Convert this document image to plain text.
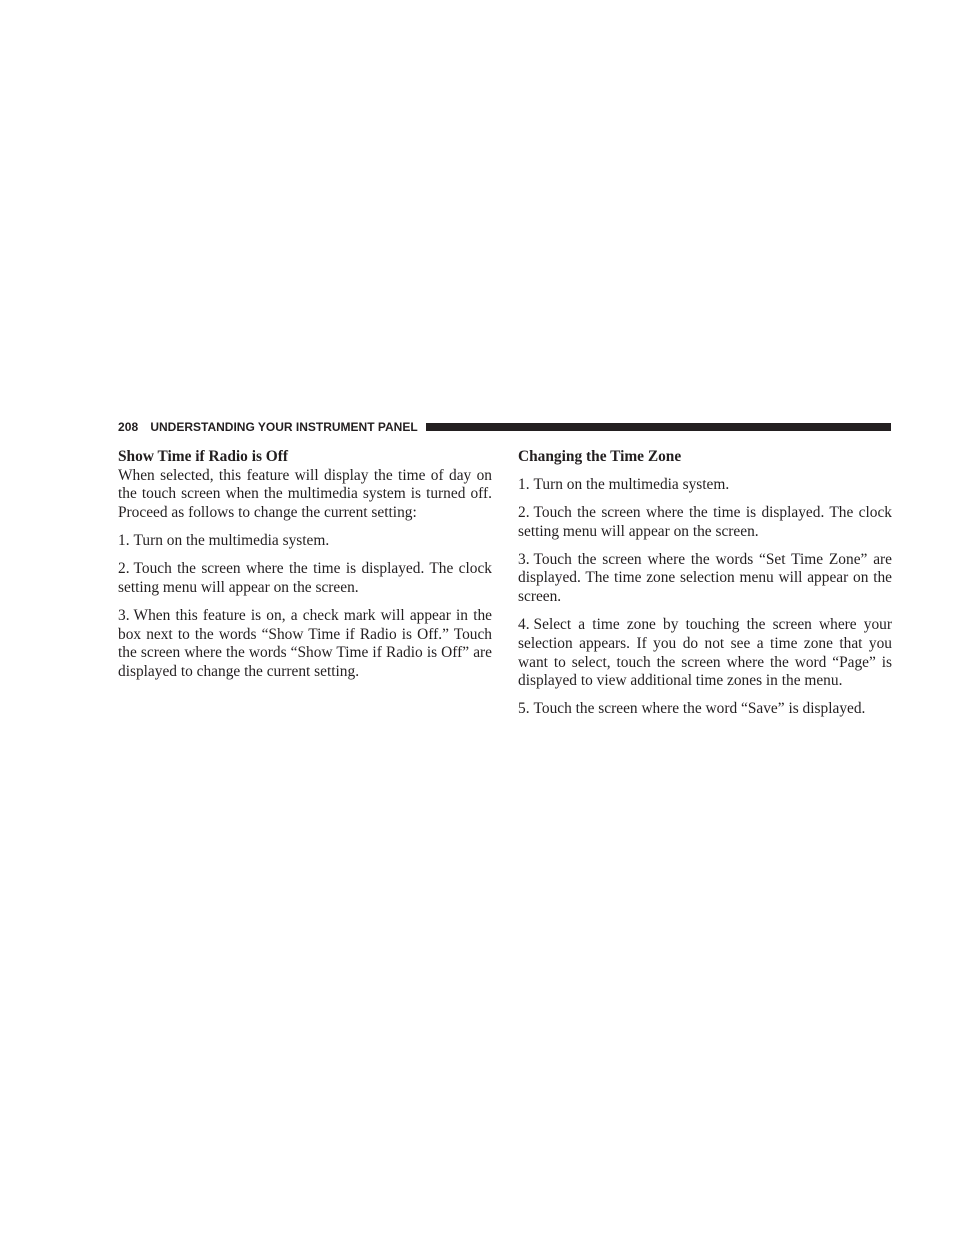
208 UNDERSTANDING YOUR INSTRUMENT PANEL

Show Time if Radio is Off

When selected, this feature will display the time of day on the touch screen when the multimedia system is turned off. Proceed as follows to change the current setting:

1. Turn on the multimedia system.

2. Touch the screen where the time is displayed. The clock setting menu will appear on the screen.

3. When this feature is on, a check mark will appear in the box next to the words “Show Time if Radio is Off.” Touch the screen where the words “Show Time if Radio is Off” are displayed to change the current setting.

Changing the Time Zone

1. Turn on the multimedia system.

2. Touch the screen where the time is displayed. The clock setting menu will appear on the screen.

3. Touch the screen where the words “Set Time Zone” are displayed. The time zone selection menu will appear on the screen.

4. Select a time zone by touching the screen where your selection appears. If you do not see a time zone that you want to select, touch the screen where the word “Page” is displayed to view additional time zones in the menu.

5. Touch the screen where the word “Save” is displayed.
